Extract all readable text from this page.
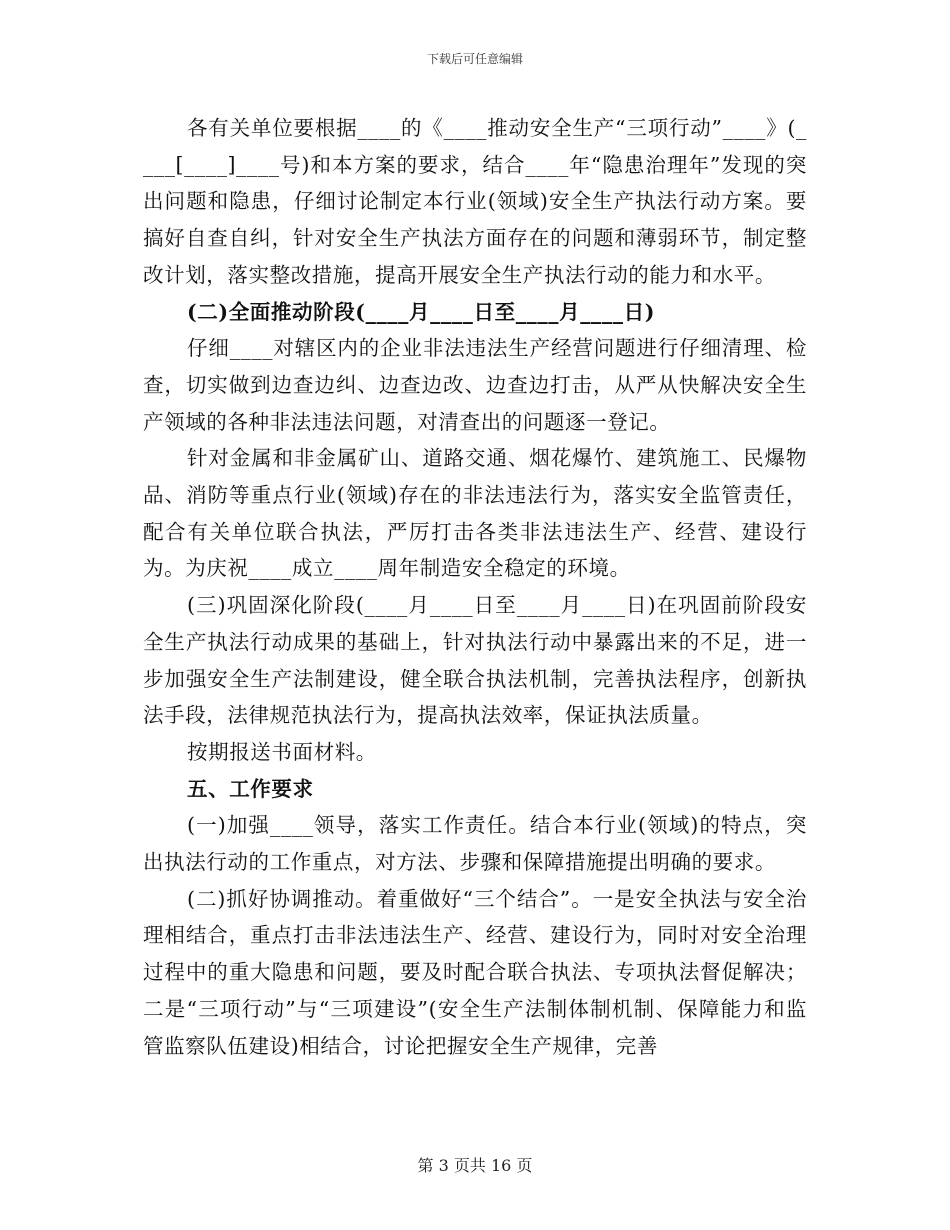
下载后可任意编辑

各有关单位要根据____的《____推动安全生产“三项行动”____》(____[____]____号)和本方案的要求，结合____年“隐患治理年”发现的突出问题和隐患，仔细讨论制定本行业(领域)安全生产执法行动方案。要搞好自查自纠，针对安全生产执法方面存在的问题和薄弱环节，制定整改计划，落实整改措施，提高开展安全生产执法行动的能力和水平。

(二)全面推动阶段(____月____日至____月____日)

仔细____对辖区内的企业非法违法生产经营问题进行仔细清理、检查，切实做到边查边纠、边查边改、边查边打击，从严从快解决安全生产领域的各种非法违法问题，对清查出的问题逐一登记。

针对金属和非金属矿山、道路交通、烟花爆竹、建筑施工、民爆物品、消防等重点行业(领域)存在的非法违法行为，落实安全监管责任，配合有关单位联合执法，严厉打击各类非法违法生产、经营、建设行为。为庆祝____成立____周年制造安全稳定的环境。

(三)巩固深化阶段(____月____日至____月____日)在巩固前阶段安全生产执法行动成果的基础上，针对执法行动中暴露出来的不足，进一步加强安全生产法制建设，健全联合执法机制，完善执法程序，创新执法手段，法律规范执法行为，提高执法效率，保证执法质量。

按期报送书面材料。

五、工作要求

(一)加强____领导，落实工作责任。结合本行业(领域)的特点，突出执法行动的工作重点，对方法、步骤和保障措施提出明确的要求。

(二)抓好协调推动。着重做好“三个结合”。一是安全执法与安全治理相结合，重点打击非法违法生产、经营、建设行为，同时对安全治理过程中的重大隐患和问题，要及时配合联合执法、专项执法督促解决；二是“三项行动”与“三项建设”(安全生产法制体制机制、保障能力和监管监察队伍建设)相结合，讨论把握安全生产规律，完善

第 3 页共 16 页
